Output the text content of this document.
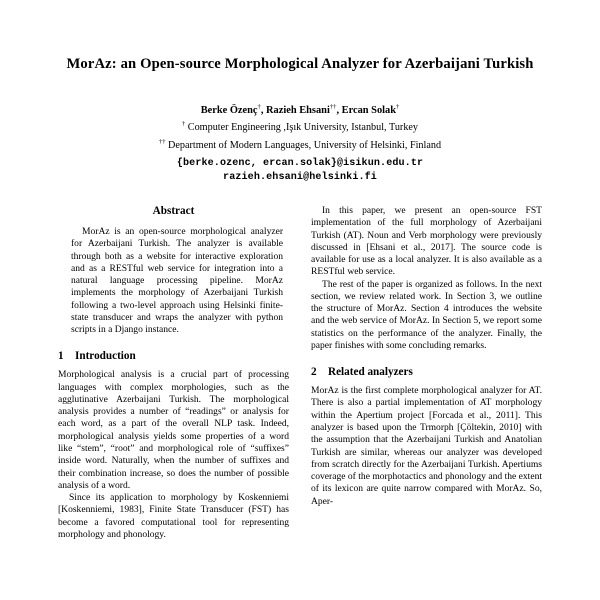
MorAz: an Open-source Morphological Analyzer for Azerbaijani Turkish
Berke Özenç†, Razieh Ehsani††, Ercan Solak†
† Computer Engineering ,Işık University, Istanbul, Turkey
†† Department of Modern Languages, University of Helsinki, Finland
{berke.ozenc, ercan.solak}@isikun.edu.tr
razieh.ehsani@helsinki.fi
Abstract

MorAz is an open-source morphological analyzer for Azerbaijani Turkish. The analyzer is available through both as a website for interactive exploration and as a RESTful web service for integration into a natural language processing pipeline. MorAz implements the morphology of Azerbaijani Turkish following a two-level approach using Helsinki finite-state transducer and wraps the analyzer with python scripts in a Django instance.

1	Introduction

Morphological analysis is a crucial part of processing languages with complex morphologies, such as the agglutinative Azerbaijani Turkish. The morphological analysis provides a number of “readings” or analysis for each word, as a part of the overall NLP task. Indeed, morphological analysis yields some properties of a word like “stem”, “root” and morphological role of “suffixes” inside word. Naturally, when the number of suffixes and their combination increase, so does the number of possible analysis of a word.

Since its application to morphology by Koskenniemi [Koskenniemi, 1983], Finite State Transducer (FST) has become a favored computational tool for representing morphology and phonology.

In this paper, we present an open-source FST implementation of the full morphology of Azerbaijani Turkish (AT). Noun and Verb morphology were previously discussed in [Ehsani et al., 2017]. The source code is available for use as a local analyzer. It is also available as a RESTful web service.

The rest of the paper is organized as follows. In the next section, we review related work. In Section 3, we outline the structure of MorAz. Section 4 introduces the website and the web service of MorAz. In Section 5, we report some statistics on the performance of the analyzer. Finally, the paper finishes with some concluding remarks.

2	Related analyzers

MorAz is the first complete morphological analyzer for AT. There is also a partial implementation of AT morphology within the Apertium project [Forcada et al., 2011]. This analyzer is based upon the Trmorph [Çöltekin, 2010] with the assumption that the Azerbaijani Turkish and Anatolian Turkish are similar, whereas our analyzer was developed from scratch directly for the Azerbaijani Turkish. Apertiums coverage of the morphotactics and phonology and the extent of its lexicon are quite narrow compared with MorAz. So, Aper-
